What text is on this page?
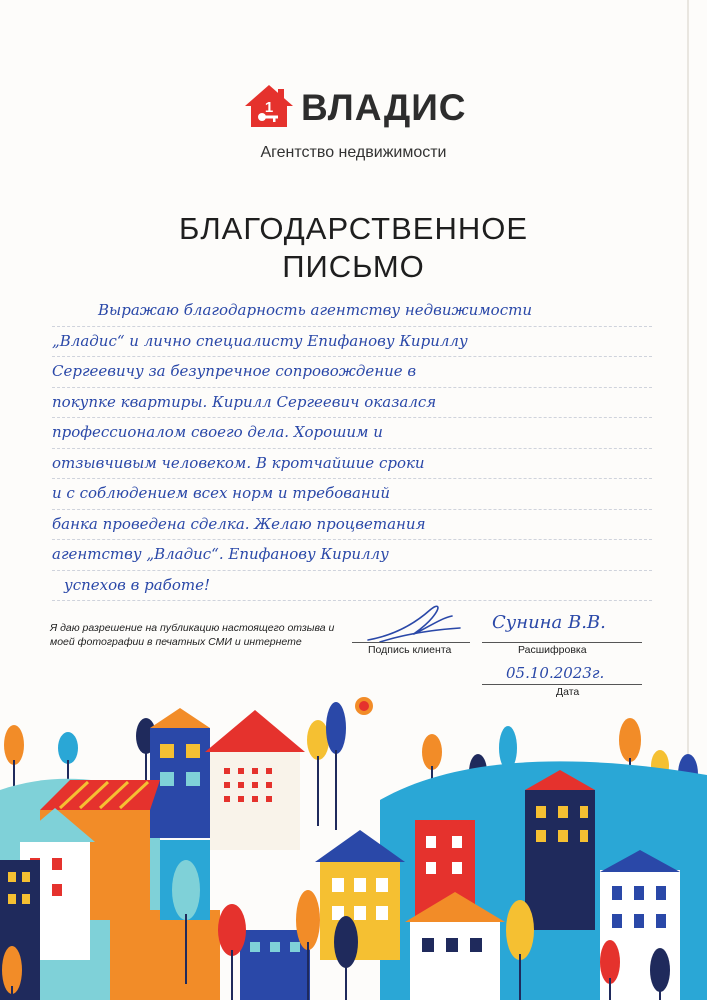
1 ВЛАДИС
Агентство недвижимости
БЛАГОДАРСТВЕННОЕ
ПИСЬМО
Выражаю благодарность агентству недвижимости
„Владис“ и лично специалисту Епифанову Кириллу
Сергеевичу за безупречное сопровождение в
покупке квартиры. Кирилл Сергеевич оказался
профессионалом своего дела. Хорошим и
отзывчивым человеком. В кротчайшие сроки
и с соблюдением всех норм и требований
банка проведена сделка. Желаю процветания
агентству „Владис“. Епифанову Кириллу
успехов в работе!
Я даю разрешение на публикацию настоящего отзыва и моей фотографии в печатных СМИ и интернете
Подпись клиента
Сунина В.В.
Расшифровка
05.10.2023г.
Дата
